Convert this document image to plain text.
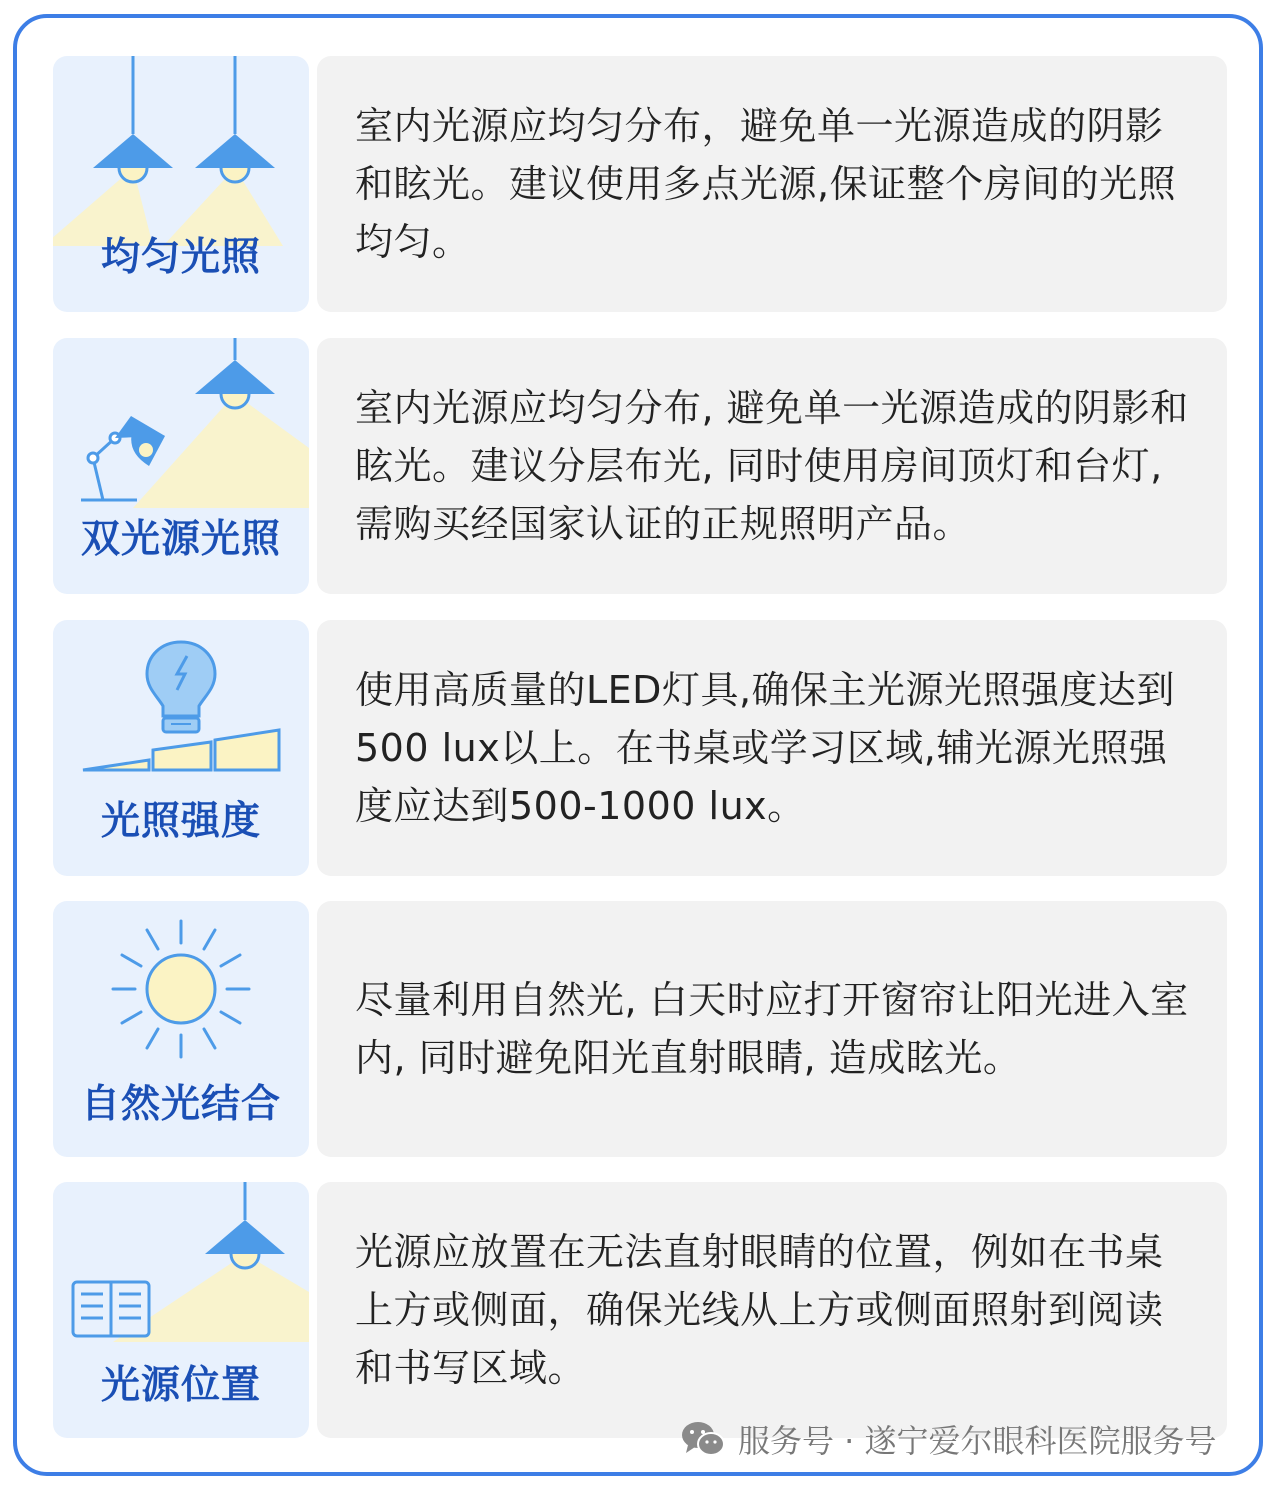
均匀光照
室内光源应均匀分布，避免单一光源造成的阴影和眩光。建议使用多点光源,保证整个房间的光照均匀。
双光源光照
室内光源应均匀分布, 避免单一光源造成的阴影和眩光。建议分层布光, 同时使用房间顶灯和台灯, 需购买经国家认证的正规照明产品。
光照强度
使用高质量的LED灯具,确保主光源光照强度达到500 lux以上。在书桌或学习区域,辅光源光照强度应达到500-1000 lux。
自然光结合
尽量利用自然光, 白天时应打开窗帘让阳光进入室内, 同时避免阳光直射眼睛, 造成眩光。
光源位置
光源应放置在无法直射眼睛的位置，例如在书桌上方或侧面，确保光线从上方或侧面照射到阅读和书写区域。
服务号 · 遂宁爱尔眼科医院服务号
